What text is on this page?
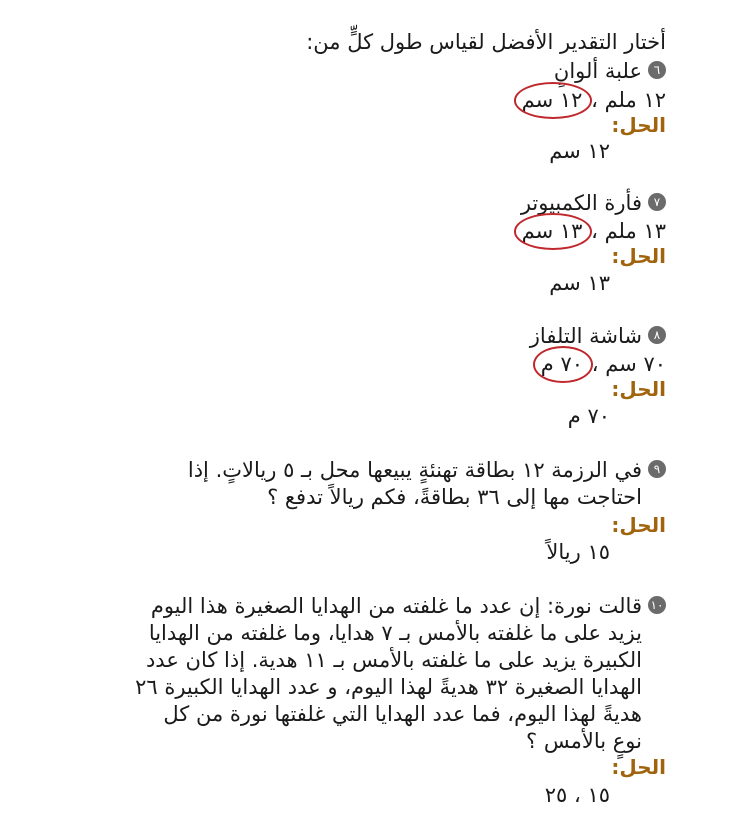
أختار التقدير الأفضل لقياس طول كلٍّ من:
٦علبة ألوانٍ
١٢ ملم ، ١٢ سم
الحل:
١٢ سم
٧فأرة الكمبيوتر
١٣ ملم ، ١٣ سم
الحل:
١٣ سم
٨شاشة التلفاز
٧٠ سم ، ٧٠ م
الحل:
٧٠ م

٩في الرزمة ١٢ بطاقة تهنئةٍ يبيعها محل بـ ٥ ريالاتٍ. إذا

احتاجت مها إلى ٣٦ بطاقةً، فكم ريالاً تدفع ؟

الحل:
١٥ ريالاً

١٠قالت نورة: إن عدد ما غلفته من الهدايا الصغيرة هذا اليوم

يزيد على ما غلفته بالأمس بـ ٧ هدايا، وما غلفته من الهدايا

الكبيرة يزيد على ما غلفته بالأمس بـ ١١ هدية. إذا كان عدد

الهدايا الصغيرة ٣٢ هديةً لهذا اليوم، و عدد الهدايا الكبيرة ٢٦

هديةً لهذا اليوم، فما عدد الهدايا التي غلفتها نورة من كل

نوعٍ بالأمس ؟

الحل:
١٥ ، ٢٥
